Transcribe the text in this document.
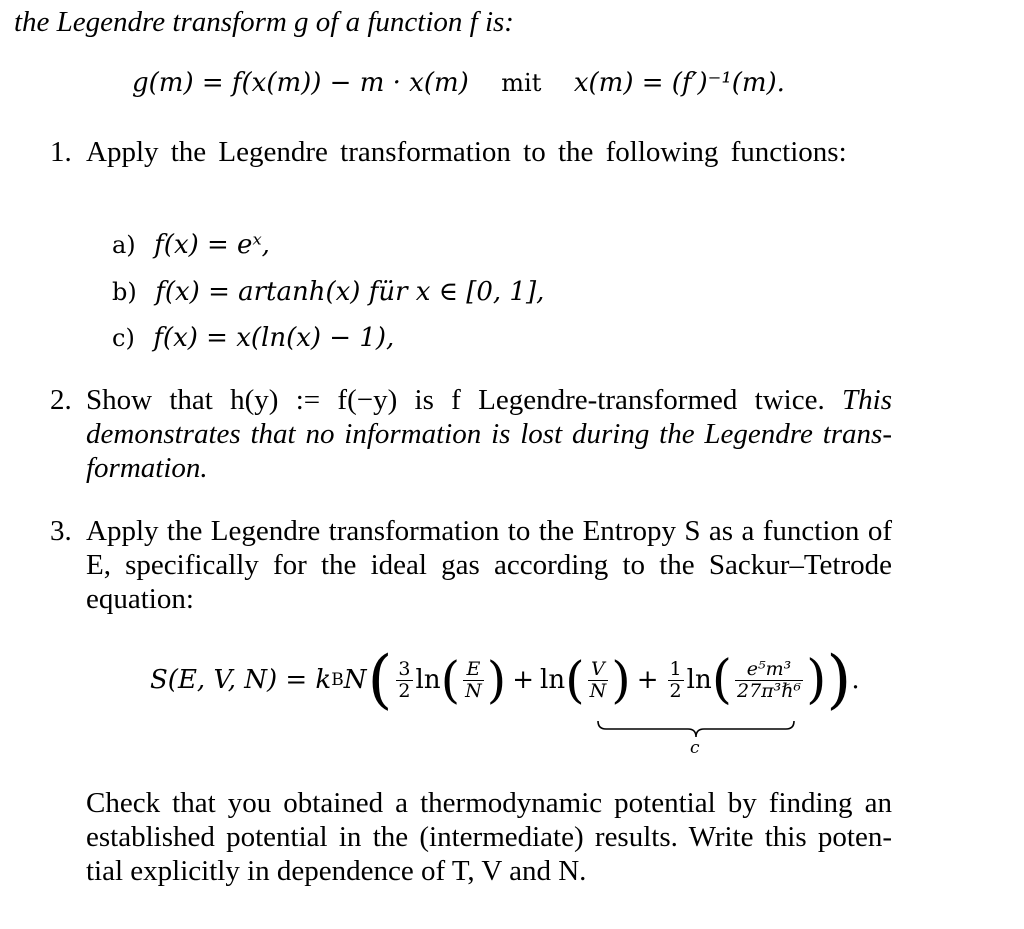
the Legendre transform g of a function f is:
g(m) = f(x(m)) − m · x(m) mit x(m) = (f′)⁻¹(m).
1. Apply the Legendre transformation to the following functions:
a) f(x) = eˣ,
b) f(x) = artanh(x) für x ∈ [0, 1],
c) f(x) = x(ln(x) − 1),
2. Show that h(y) := f(−y) is f Legendre-transformed twice. This demonstrates that no information is lost during the Legendre trans-formation.
3. Apply the Legendre transformation to the Entropy S as a function of E, specifically for the ideal gas according to the Sackur–Tetrode equation:
S(E, V, N) = k B N ( $\frac{3}{2}$ ln ( $\frac{E}{N}$ ) + ln ( $\frac{V}{N}$ ) + $\frac{1}{2}$ ln ( $\frac{\text{e⁵m³}}{\text{27π³ℏ⁶}}$ ) ) .
c
Check that you obtained a thermodynamic potential by finding an established potential in the (intermediate) results. Write this poten-tial explicitly in dependence of T, V and N.
